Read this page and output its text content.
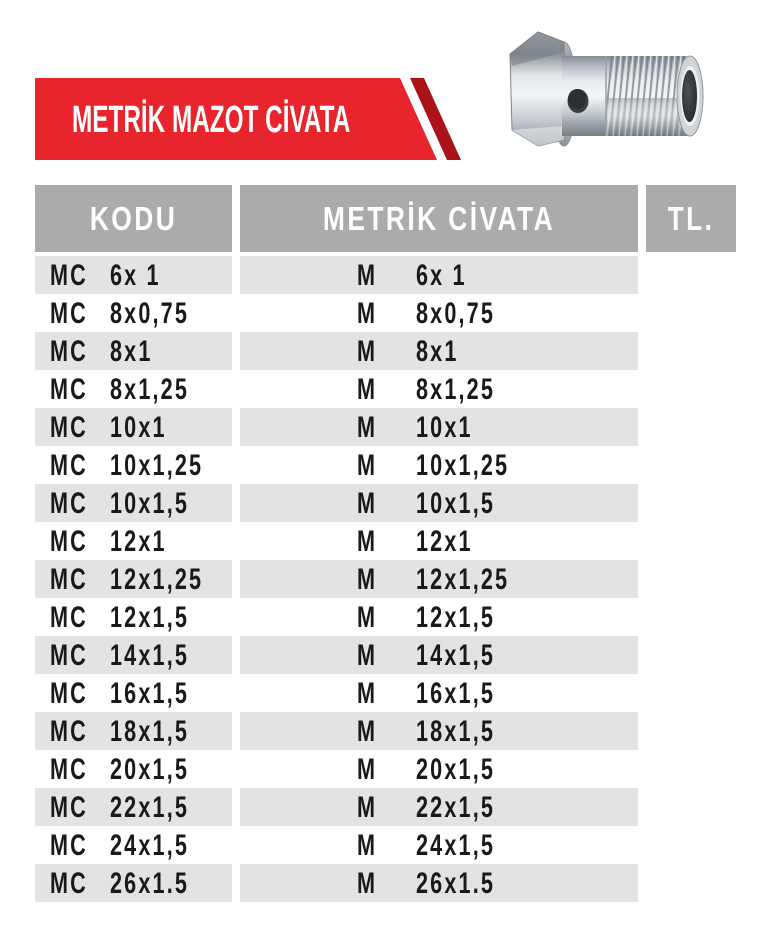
METRİK MAZOT CİVATA
KODU	METRİK CİVATA	TL.
MC 6x 1	M 6x 1
MC 8x0,75	M 8x0,75
MC 8x1	M 8x1
MC 8x1,25	M 8x1,25
MC 10x1	M 10x1
MC 10x1,25	M 10x1,25
MC 10x1,5	M 10x1,5
MC 12x1	M 12x1
MC 12x1,25	M 12x1,25
MC 12x1,5	M 12x1,5
MC 14x1,5	M 14x1,5
MC 16x1,5	M 16x1,5
MC 18x1,5	M 18x1,5
MC 20x1,5	M 20x1,5
MC 22x1,5	M 22x1,5
MC 24x1,5	M 24x1,5
MC 26x1.5	M 26x1.5
